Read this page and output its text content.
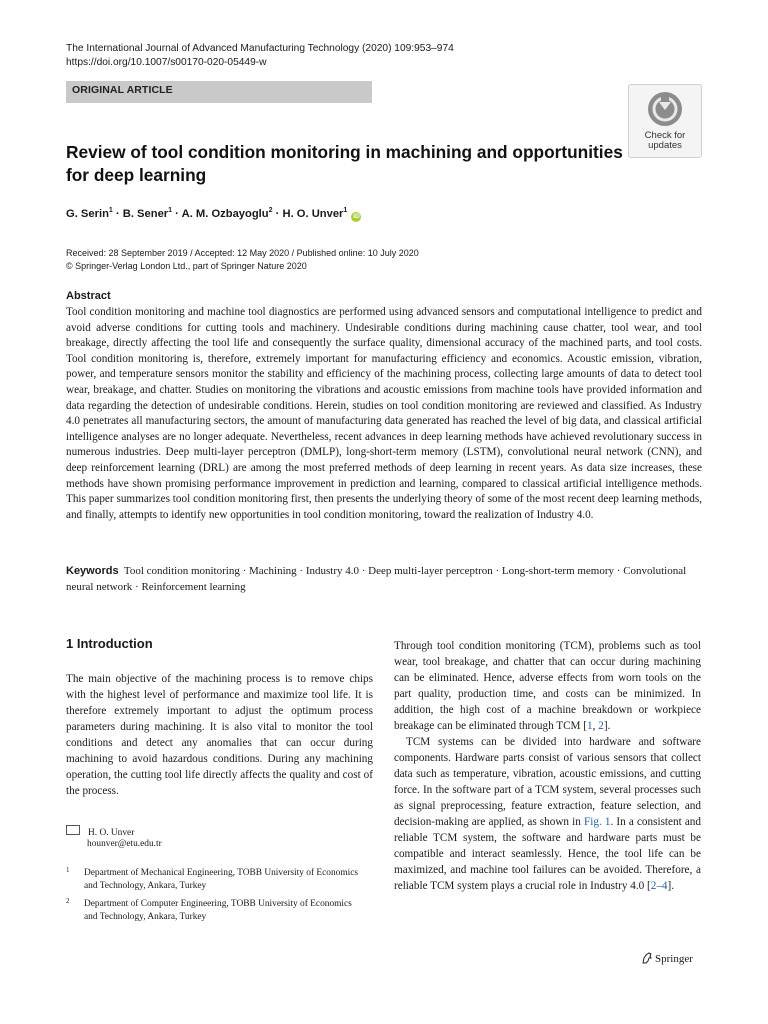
The International Journal of Advanced Manufacturing Technology (2020) 109:953–974
https://doi.org/10.1007/s00170-020-05449-w
ORIGINAL ARTICLE
Check for
updates
Review of tool condition monitoring in machining and opportunities for deep learning
G. Serin$^1$ · B. Sener$^1$ · A. M. Ozbayoglu$^2$ · H. O. Unver$^1$ iD
Received: 28 September 2019 / Accepted: 12 May 2020 / Published online: 10 July 2020
© Springer-Verlag London Ltd., part of Springer Nature 2020
Abstract
Tool condition monitoring and machine tool diagnostics are performed using advanced sensors and computational intelligence to predict and avoid adverse conditions for cutting tools and machinery. Undesirable conditions during machining cause chatter, tool wear, and tool breakage, directly affecting the tool life and consequently the surface quality, dimensional accuracy of the machined parts, and tool costs. Tool condition monitoring is, therefore, extremely important for manufacturing efficiency and economics. Acoustic emission, vibration, power, and temperature sensors monitor the stability and efficiency of the machining process, collecting large amounts of data to detect tool wear, breakage, and chatter. Studies on monitoring the vibrations and acoustic emissions from machine tools have provided information and data regarding the detection of undesirable conditions. Herein, studies on tool condition monitoring are reviewed and classified. As Industry 4.0 penetrates all manufacturing sectors, the amount of manufacturing data generated has reached the level of big data, and classical artificial intelligence analyses are no longer adequate. Nevertheless, recent advances in deep learning methods have achieved revolutionary success in numerous industries. Deep multi-layer perceptron (DMLP), long-short-term memory (LSTM), convolutional neural network (CNN), and deep reinforcement learning (DRL) are among the most preferred methods of deep learning in recent years. As data size increases, these methods have shown promising performance improvement in prediction and learning, compared to classical artificial intelligence methods. This paper summarizes tool condition monitoring first, then presents the underlying theory of some of the most recent deep learning methods, and finally, attempts to identify new opportunities in tool condition monitoring, toward the realization of Industry 4.0.
Keywords Tool condition monitoring · Machining · Industry 4.0 · Deep multi-layer perceptron · Long-short-term memory · Convolutional neural network · Reinforcement learning
1 Introduction
The main objective of the machining process is to remove chips with the highest level of performance and maximize tool life. It is therefore extremely important to adjust the optimum process parameters during machining. It is also vital to monitor the tool conditions and detect any anomalies that can occur during machining to avoid hazardous conditions. During any machining operation, the cutting tool life directly affects the quality and cost of the process.

Through tool condition monitoring (TCM), problems such as tool wear, tool breakage, and chatter that can occur during machining can be eliminated. Hence, adverse effects from worn tools on the part quality, production time, and costs can be minimized. In addition, the high cost of a machine breakdown or workpiece breakage can be eliminated through TCM [1, 2].

TCM systems can be divided into hardware and software components. Hardware parts consist of various sensors that collect data such as temperature, vibration, acoustic emissions, and cutting force. In the software part of a TCM system, several processes such as signal preprocessing, feature extraction, feature selection, and decision-making are applied, as shown in Fig. 1. In a consistent and reliable TCM system, the software and hardware parts must be compatible and interact seamlessly. Hence, the tool life can be maximized, and machine tool failures can be avoided. Therefore, a reliable TCM system plays a crucial role in Industry 4.0 [2–4].

H. O. Unver
hounver@etu.edu.tr
1 Department of Mechanical Engineering, TOBB University of Economics and Technology, Ankara, Turkey
2 Department of Computer Engineering, TOBB University of Economics and Technology, Ankara, Turkey
Springer
